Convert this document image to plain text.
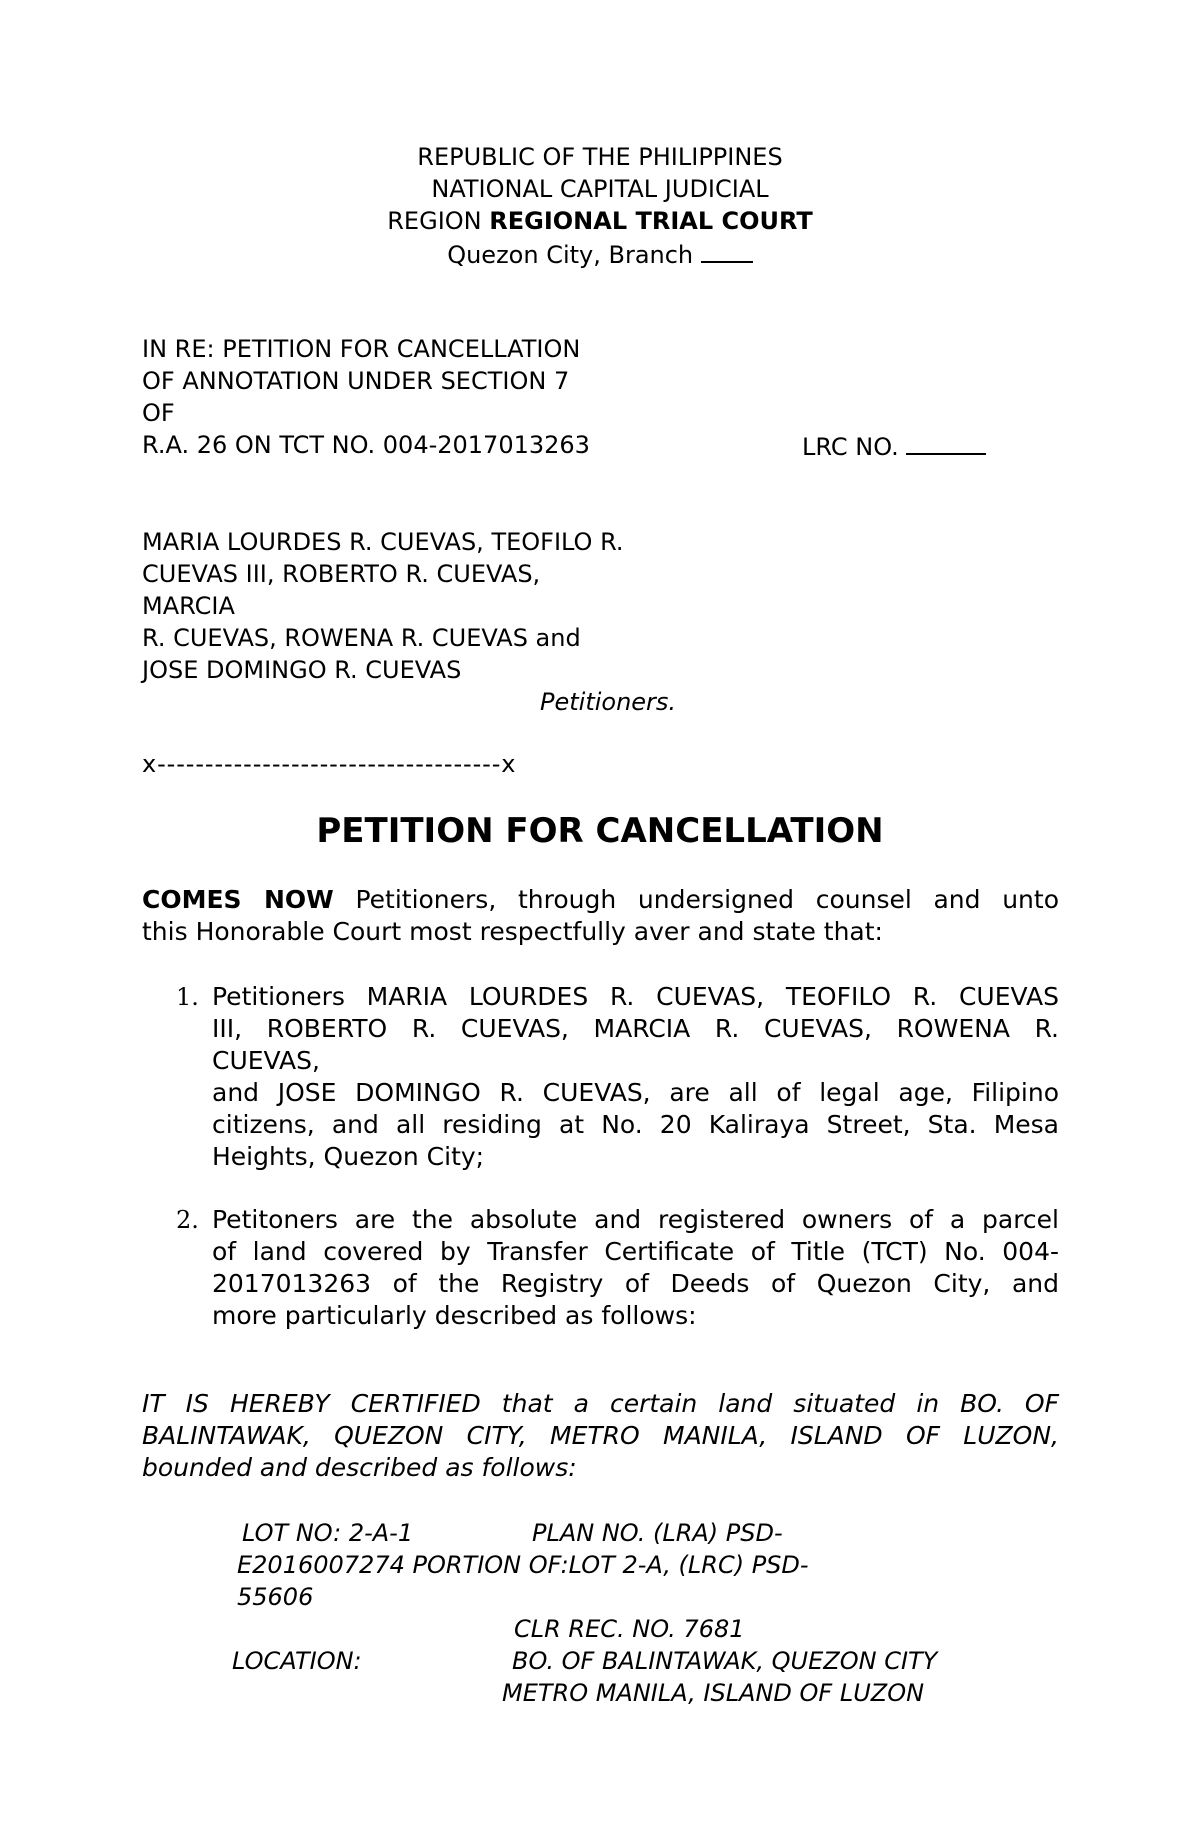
REPUBLIC OF THE PHILIPPINES
NATIONAL CAPITAL JUDICIAL
REGION REGIONAL TRIAL COURT
Quezon City, Branch
IN RE: PETITION FOR CANCELLATION
OF ANNOTATION UNDER SECTION 7
OF
R.A. 26 ON TCT NO. 004-2017013263	LRC NO.
MARIA LOURDES R. CUEVAS, TEOFILO R.
CUEVAS III, ROBERTO R. CUEVAS,
MARCIA
R. CUEVAS, ROWENA R. CUEVAS and
JOSE DOMINGO R. CUEVAS
Petitioners.
x------------------------------------x
PETITION FOR CANCELLATION
COMES NOW Petitioners, through undersigned counsel and unto
this Honorable Court most respectfully aver and state that:
1. Petitioners MARIA LOURDES R. CUEVAS, TEOFILO R. CUEVAS
III, ROBERTO R. CUEVAS, MARCIA R. CUEVAS, ROWENA R.
CUEVAS,
and JOSE DOMINGO R. CUEVAS, are all of legal age, Filipino
citizens, and all residing at No. 20 Kaliraya Street, Sta. Mesa
Heights, Quezon City;
2. Petitoners are the absolute and registered owners of a parcel
of land covered by Transfer Certificate of Title (TCT) No. 004-
2017013263 of the Registry of Deeds of Quezon City, and
more particularly described as follows:
IT IS HEREBY CERTIFIED that a certain land situated in BO. OF
BALINTAWAK, QUEZON CITY, METRO MANILA, ISLAND OF LUZON,
bounded and described as follows:
LOT NO: 2-A-1	PLAN NO. (LRA) PSD-
E2016007274 PORTION OF:LOT 2-A, (LRC) PSD-
55606
CLR REC. NO. 7681
LOCATION:	BO. OF BALINTAWAK, QUEZON CITY
METRO MANILA, ISLAND OF LUZON
